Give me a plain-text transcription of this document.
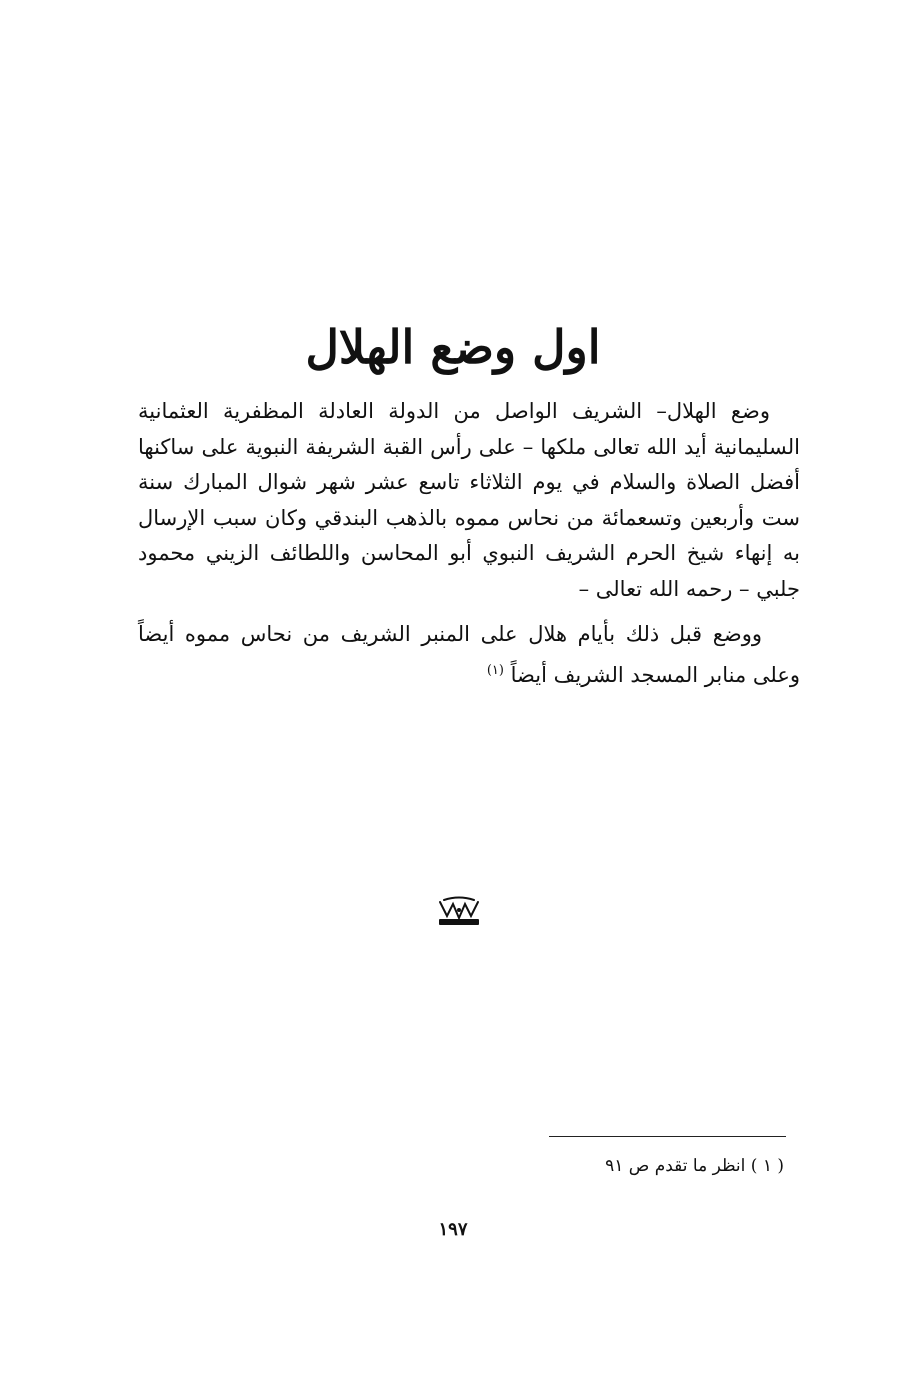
اول وضع الهلال

وضع الهلال– الشريف الواصل من الدولة العادلة المظفرية العثمانية السليمانية أيد الله تعالى ملكها – على رأس القبة الشريفة النبوية على ساكنها أفضل الصلاة والسلام في يوم الثلاثاء تاسع عشر شهر شوال المبارك سنة ست وأربعين وتسعمائة من نحاس مموه بالذهب البندقي وكان سبب الإرسال به إنهاء شيخ الحرم الشريف النبوي أبو المحاسن واللطائف الزيني محمود جلبي – رحمه الله تعالى –

ووضع قبل ذلك بأيام هلال على المنبر الشريف من نحاس مموه أيضاً وعلى منابر المسجد الشريف أيضاً $^{(١)}$

( ١ ) انظر ما تقدم ص ٩١
١٩٧
